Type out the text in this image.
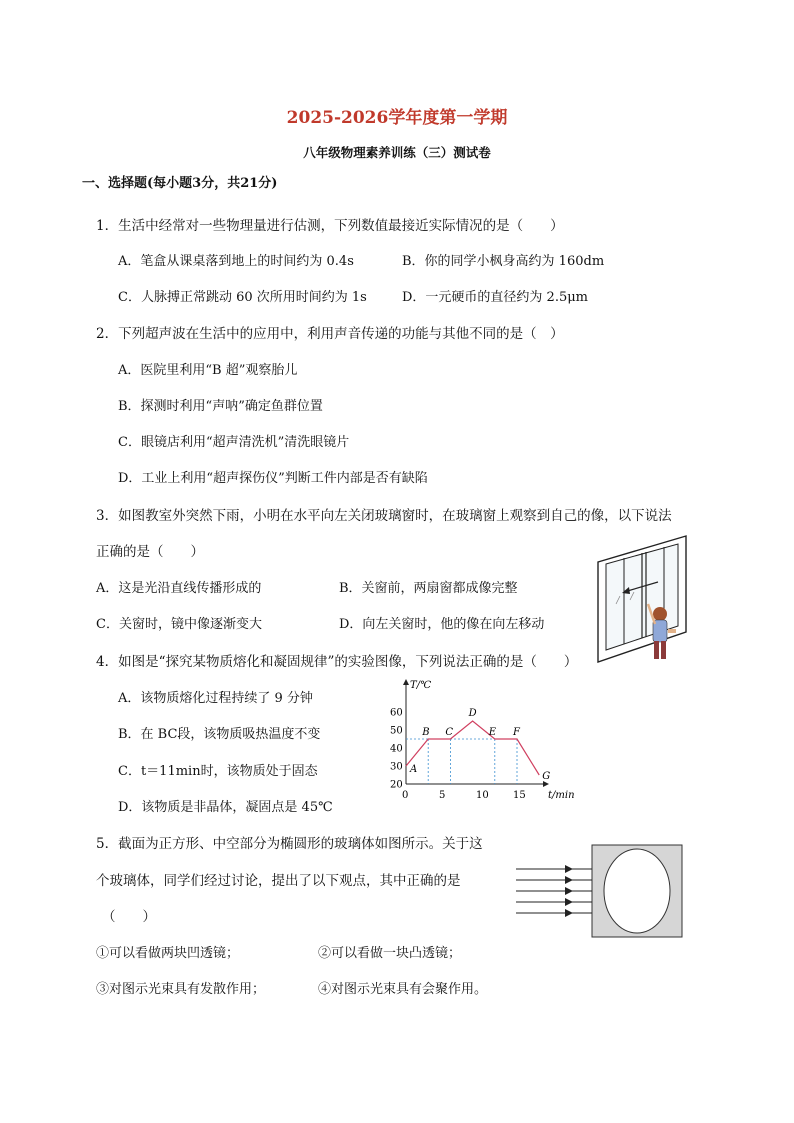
2025-2026学年度第一学期
八年级物理素养训练（三）测试卷
一、选择题(每小题3分，共21分)
1．生活中经常对一些物理量进行估测，下列数值最接近实际情况的是（　　）
A．笔盒从课桌落到地上的时间约为 0.4s	B．你的同学小枫身高约为 160dm
C．人脉搏正常跳动 60 次所用时间约为 1s	D．一元硬币的直径约为 2.5μm
2．下列超声波在生活中的应用中，利用声音传递的功能与其他不同的是（　）
A．医院里利用“B 超”观察胎儿
B．探测时利用“声呐”确定鱼群位置
C．眼镜店利用“超声清洗机”清洗眼镜片
D．工业上利用“超声探伤仪”判断工件内部是否有缺陷
3．如图教室外突然下雨，小明在水平向左关闭玻璃窗时，在玻璃窗上观察到自己的像，以下说法
正确的是（　　）
A．这是光沿直线传播形成的	B．关窗前，两扇窗都成像完整
C．关窗时，镜中像逐渐变大	D．向左关窗时，他的像在向左移动
4．如图是“探究某物质熔化和凝固规律”的实验图像，下列说法正确的是（　　）
A．该物质熔化过程持续了 9 分钟
B．在 BC段，该物质吸热温度不变
C．t＝11min时，该物质处于固态
D．该物质是非晶体，凝固点是 45℃
T/℃
t/min
0
20
30
40
50
60
5	10 15
A
B C
D
E F
G
5．截面为正方形、中空部分为椭圆形的玻璃体如图所示。关于这
个玻璃体，同学们经过讨论，提出了以下观点，其中正确的是
（　　）
①可以看做两块凹透镜；	②可以看做一块凸透镜；
③对图示光束具有发散作用；	④对图示光束具有会聚作用。
